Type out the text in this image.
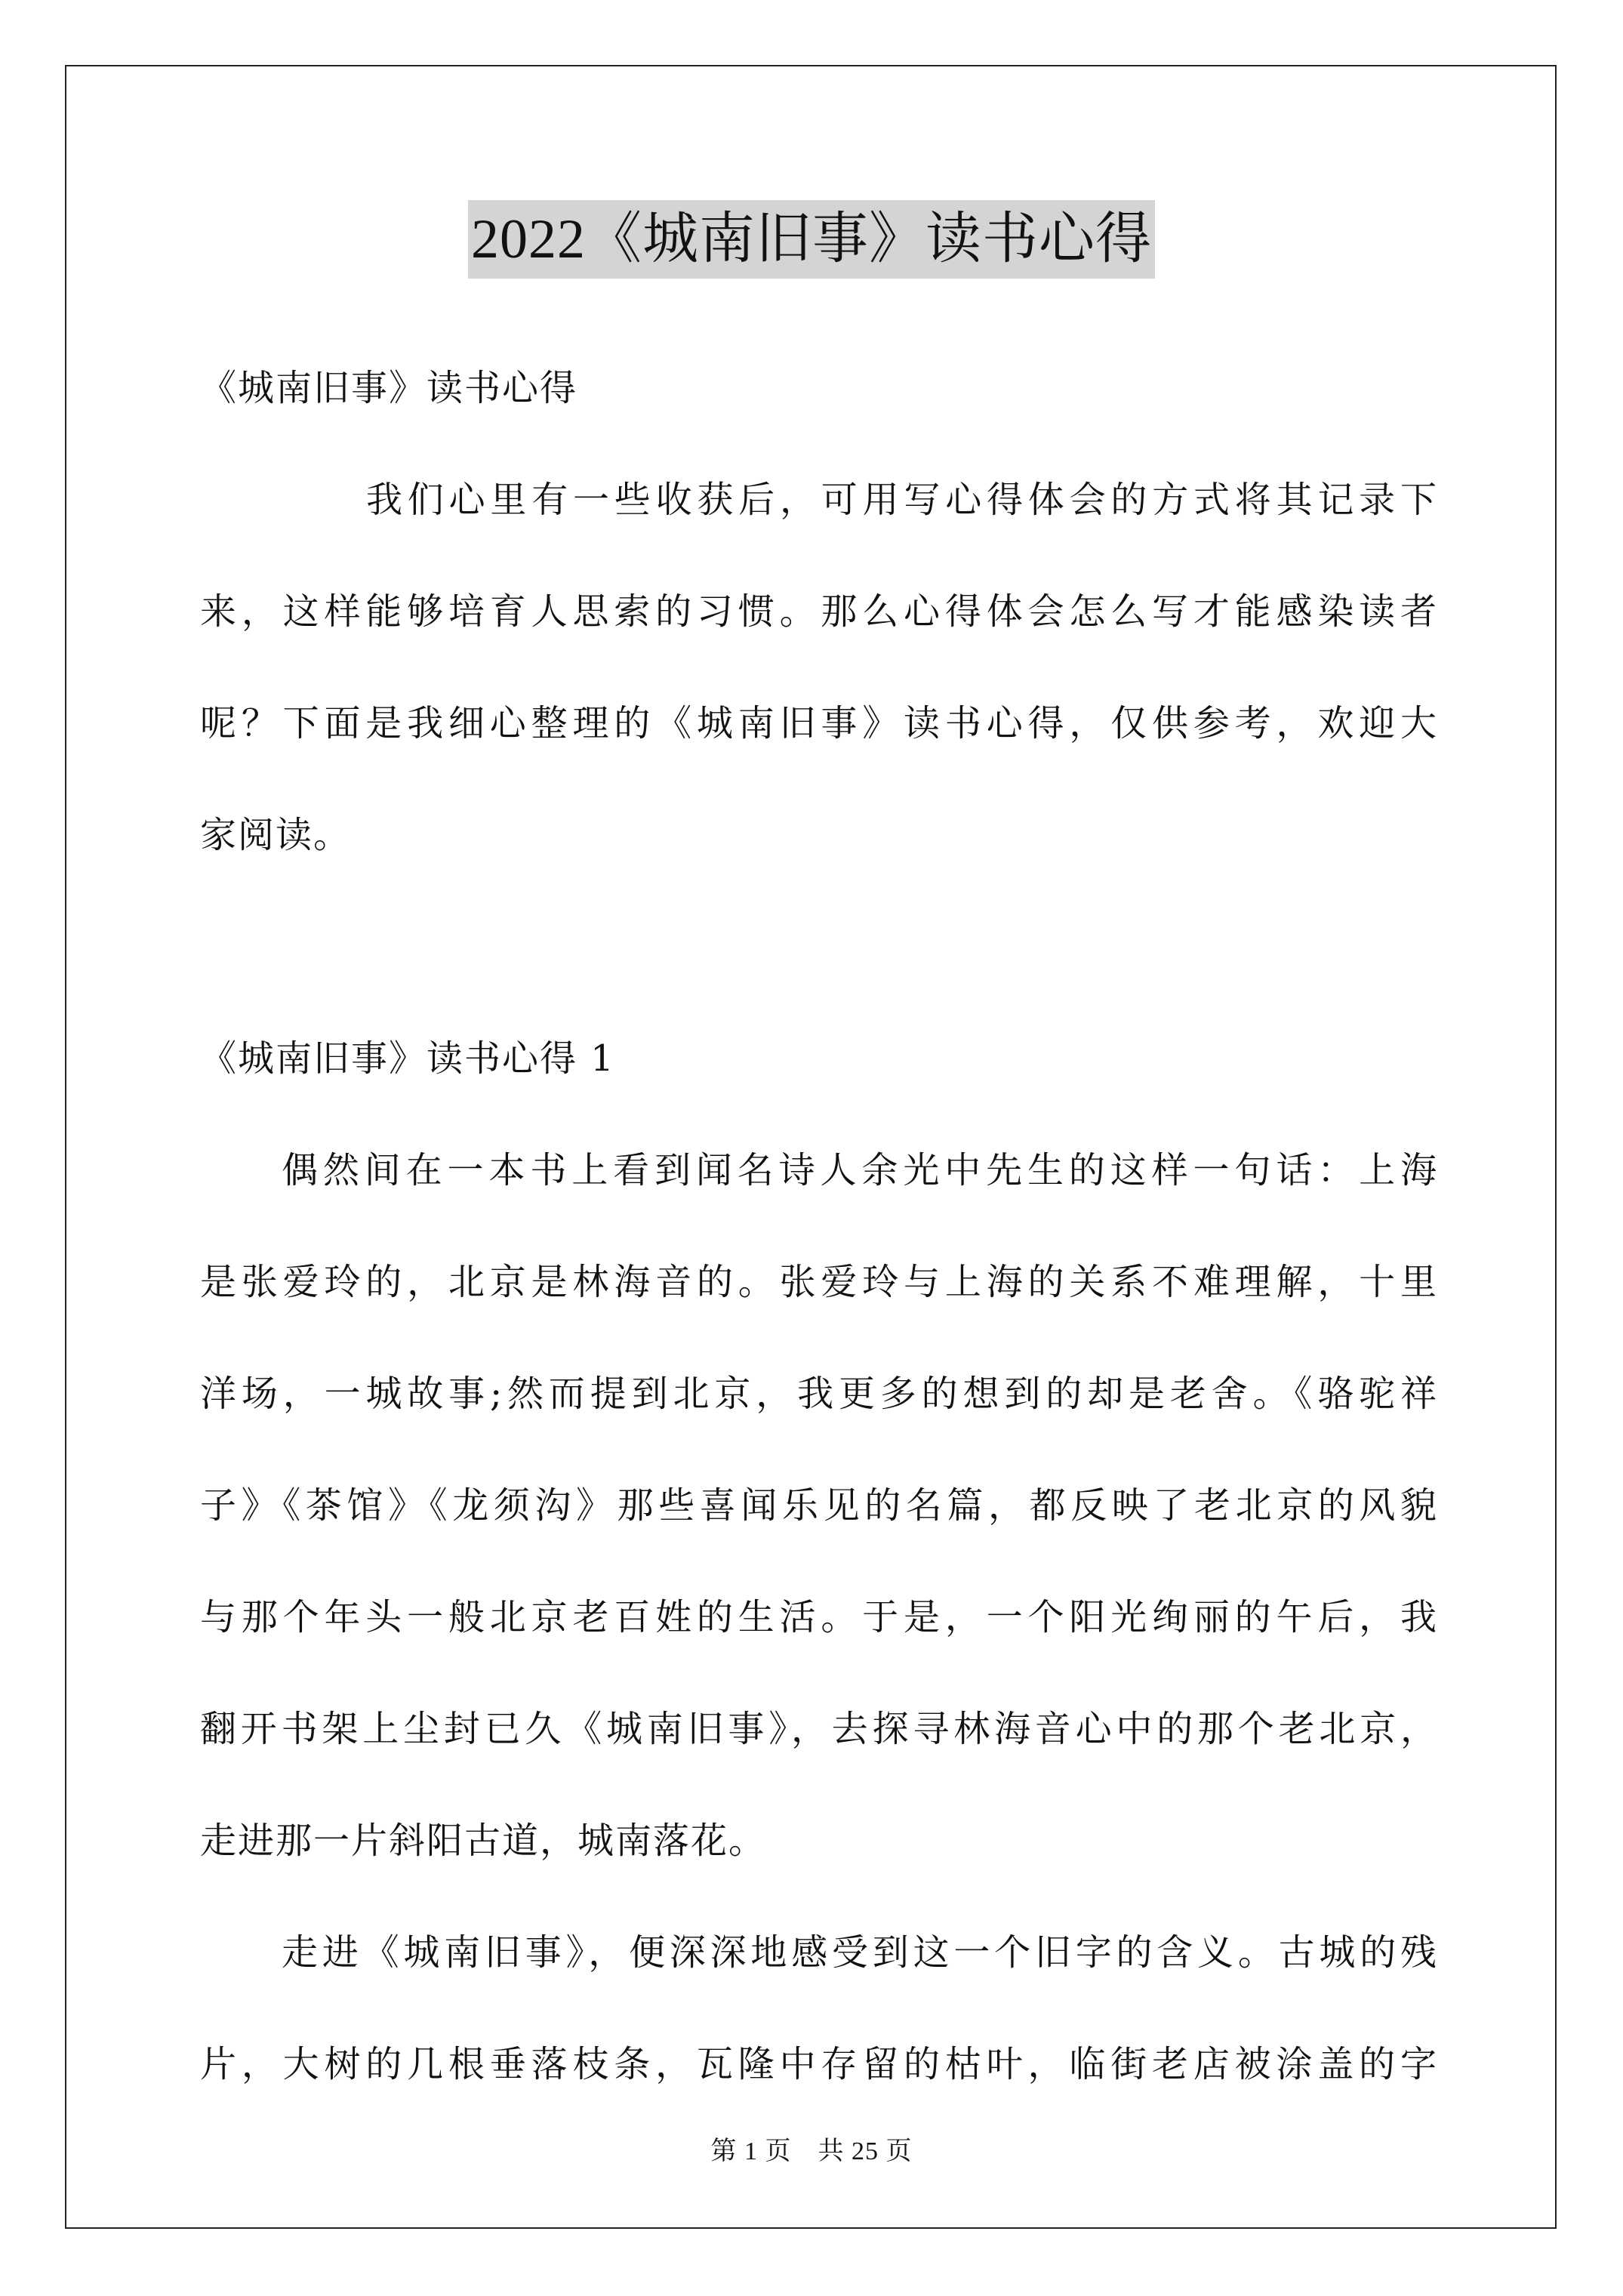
2022《城南旧事》读书心得
《城南旧事》读书心得
我们心里有一些收获后，可用写心得体会的方式将其记录下
来，这样能够培育人思索的习惯。那么心得体会怎么写才能感染读者
呢？下面是我细心整理的《城南旧事》读书心得，仅供参考，欢迎大
家阅读。
《城南旧事》读书心得 1
偶然间在一本书上看到闻名诗人余光中先生的这样一句话：上海
是张爱玲的，北京是林海音的。张爱玲与上海的关系不难理解，十里
洋场，一城故事;然而提到北京，我更多的想到的却是老舍。《骆驼祥
子》《茶馆》《龙须沟》那些喜闻乐见的名篇，都反映了老北京的风貌
与那个年头一般北京老百姓的生活。于是，一个阳光绚丽的午后，我
翻开书架上尘封已久《城南旧事》，去探寻林海音心中的那个老北京，
走进那一片斜阳古道，城南落花。
走进《城南旧事》，便深深地感受到这一个旧字的含义。古城的残
片，大树的几根垂落枝条，瓦隆中存留的枯叶，临街老店被涂盖的字
第 1 页　共 25 页
